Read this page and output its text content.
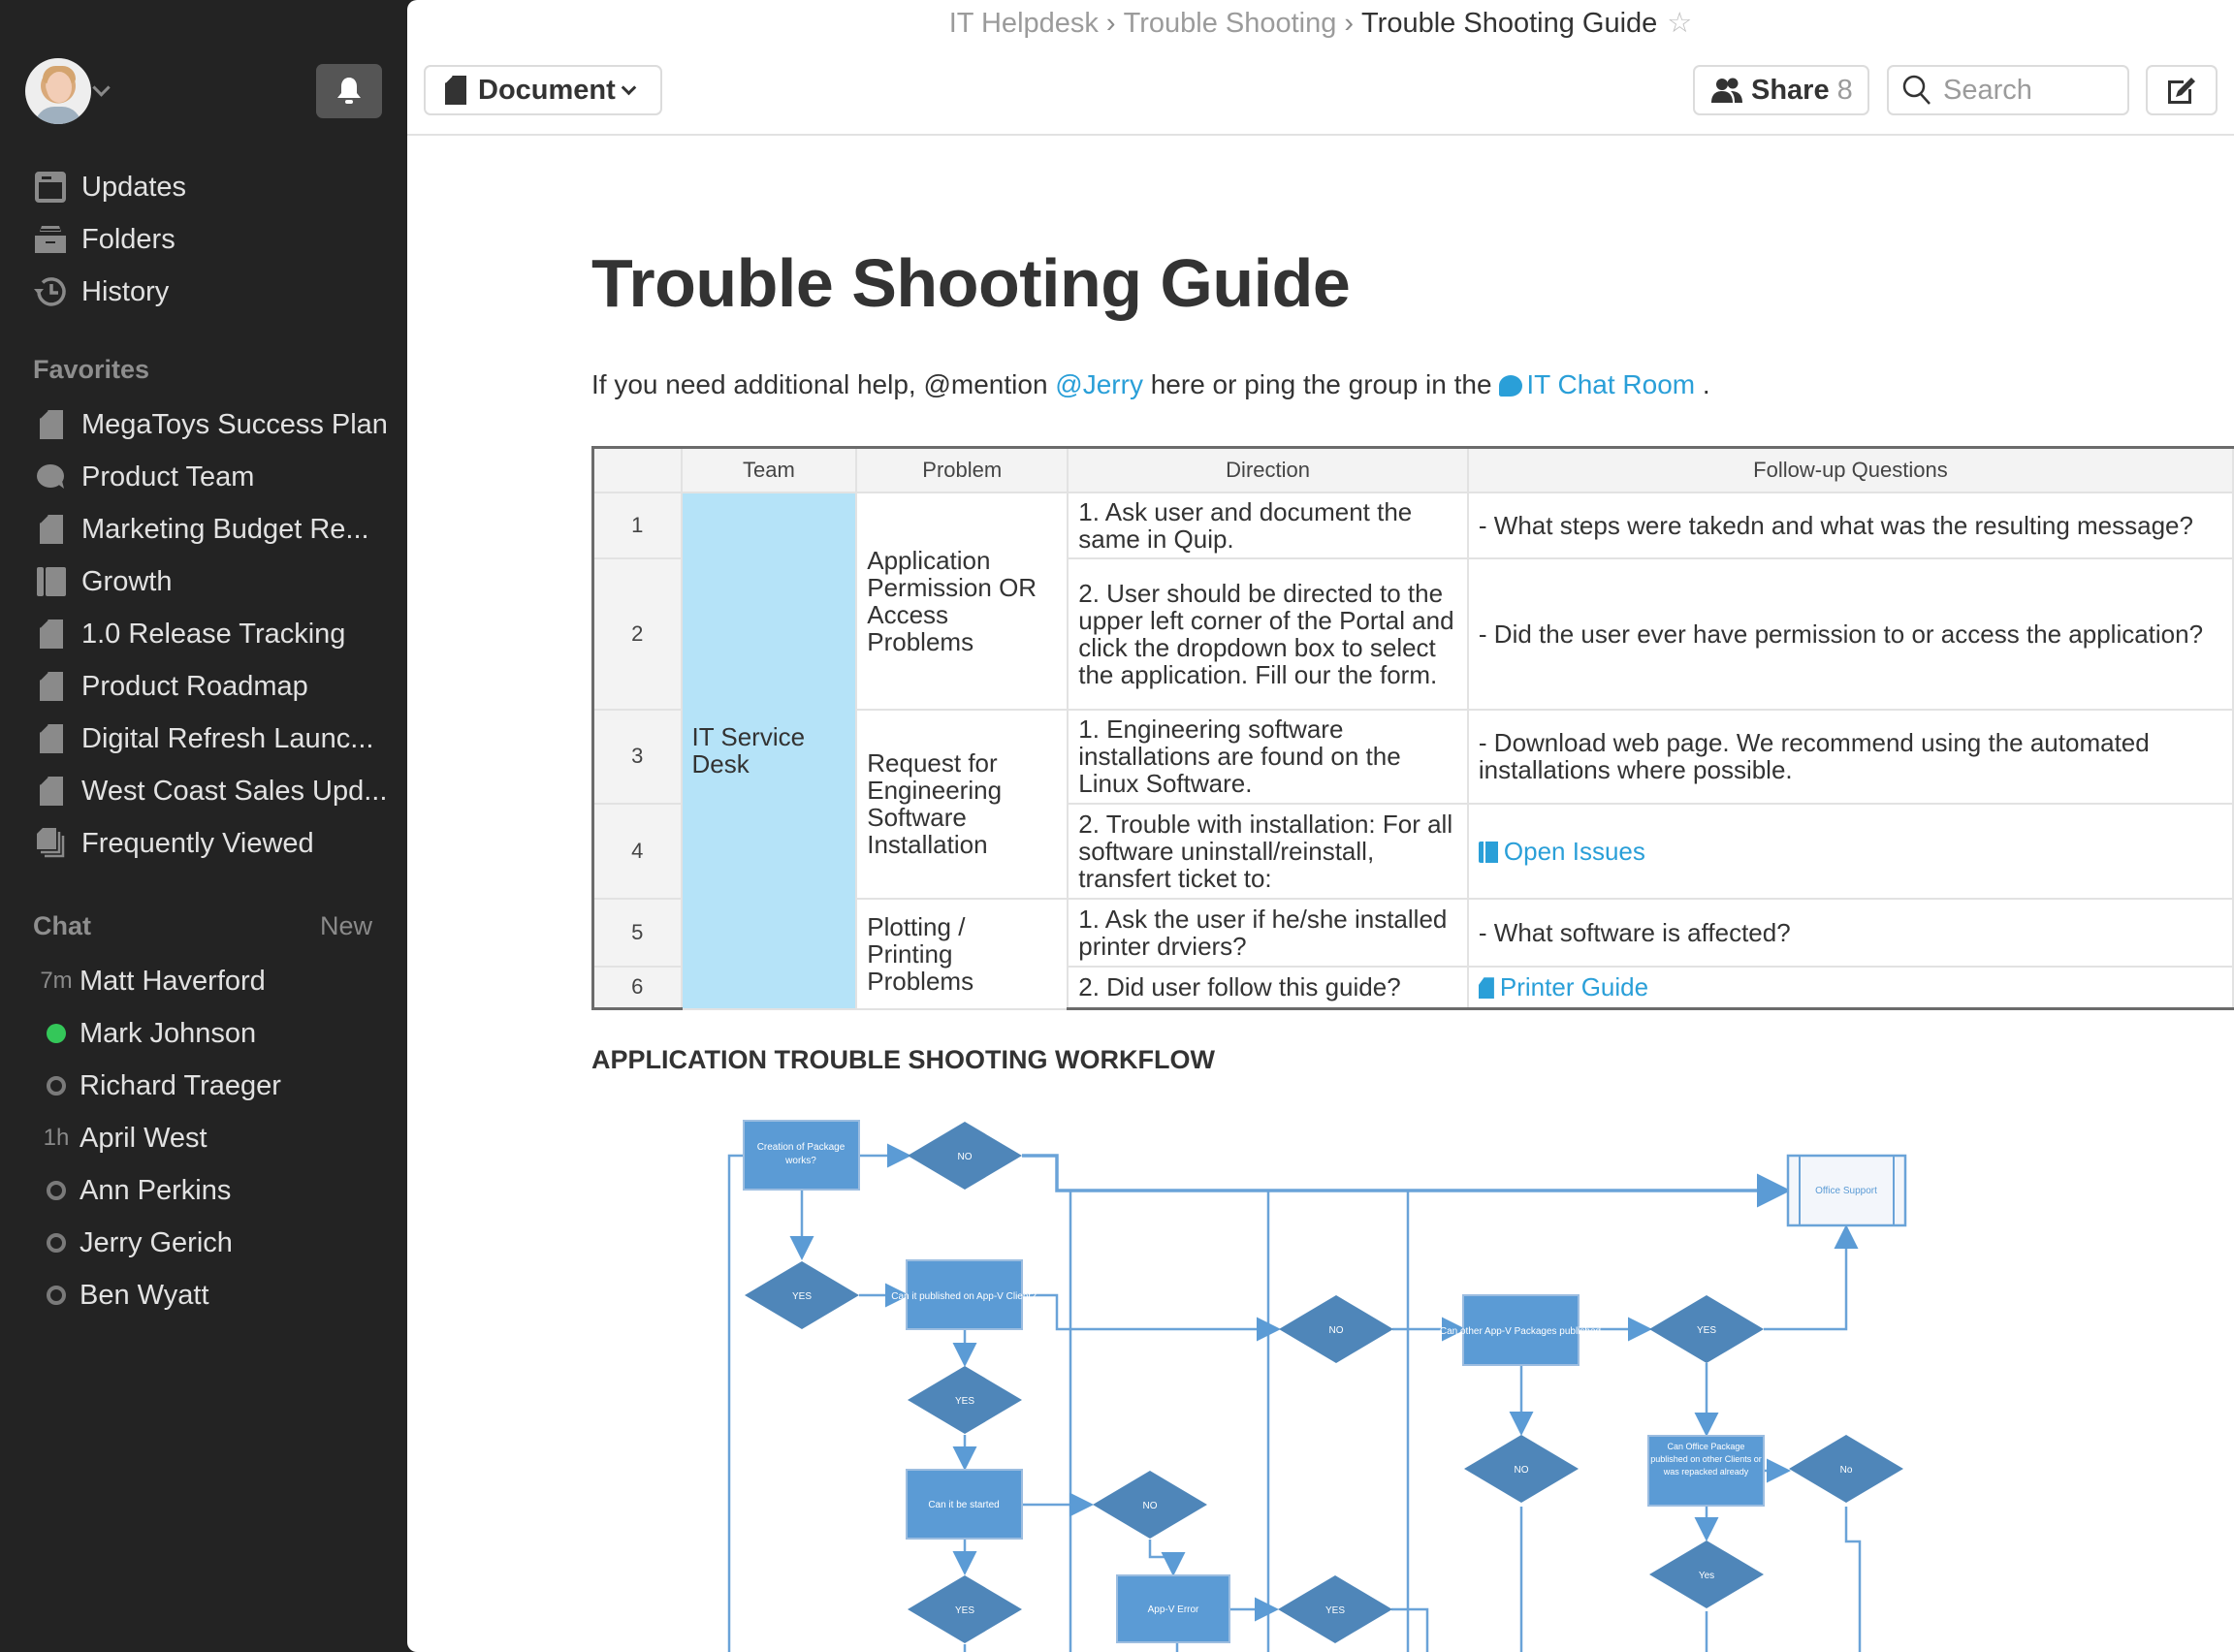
Updates
Folders
History
Favorites
MegaToys Success Plan
Product Team
Marketing Budget Re...
Growth
1.0 Release Tracking
Product Roadmap
Digital Refresh Launc...
West Coast Sales Upd...
Frequently Viewed
Chat	New
7m Matt Haverford
Mark Johnson
Richard Traeger
1h April West
Ann Perkins
Jerry Gerich
Ben Wyatt
IT Helpdesk › Trouble Shooting › Trouble Shooting Guide ☆
Document	Share 8	Search
Trouble Shooting Guide
If you need additional help, @mention @Jerry here or ping the group in the IT Chat Room .
	Team	Problem	Direction	Follow-up Questions
1	IT Service Desk	Application Permission OR Access Problems	1. Ask user and document the same in Quip.	- What steps were takedn and what was the resulting message?
2			2. User should be directed to the upper left corner of the Portal and click the dropdown box to select the application. Fill our the form.	- Did the user ever have permission to or access the application?
3		Request for Engineering Software Installation	1. Engineering software installations are found on the Linux Software.	- Download web page. We recommend using the automated installations where possible.
4			2. Trouble with installation: For all software uninstall/reinstall, transfert ticket to:	Open Issues
5		Plotting / Printing Problems	1. Ask the user if he/she installed printer drviers?	- What software is affected?
6			2. Did user follow this guide?	Printer Guide
APPLICATION TROUBLE SHOOTING WORKFLOW
Creation of Package works?
Can it published on App-V Client?
Can other App-V Packages published
Can it be started
Can Office Package published on other Clients or was repacked already
App-V Error
Office Support
NO
YES
NO	YES
YES
NO
NO	No
Yes
YES	YES
